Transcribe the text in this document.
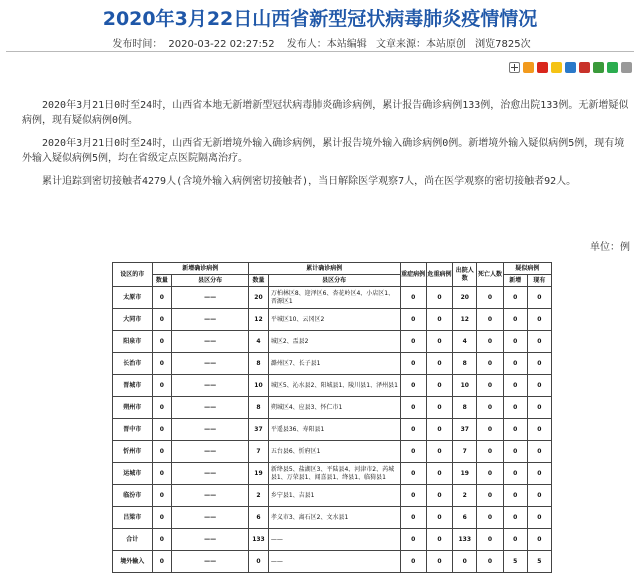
2020年3月22日山西省新型冠状病毒肺炎疫情情况
发布时间： 2020-03-22 02:27:52 发布人：本站编辑 文章来源：本站原创 浏览7825次

　　2020年3月21日0时至24时，山西省本地无新增新型冠状病毒肺炎确诊病例，累计报告确诊病例133例，治愈出院133例。无新增疑似病例，现有疑似病例0例。

　　2020年3月21日0时至24时，山西省无新增境外输入确诊病例，累计报告境外输入确诊病例0例。新增境外输入疑似病例5例，现有境外输入疑似病例5例，均在省级定点医院隔离治疗。

　　累计追踪到密切接触者4279人(含境外输入病例密切接触者)，当日解除医学观察7人，尚在医学观察的密切接触者92人。

单位：例
设区的市	新增确诊病例		累计确诊病例		重症病例	危重病例	出院人数	死亡人数	疑似病例	
	数量	县区分布	数量	县区分布					新增	现有
太原市	0	——	20	万柏林区8、迎泽区6、杏花岭区4、小店区1、晋源区1	0	0	20	0	0	0
大同市	0	——	12	平城区10、云冈区2	0	0	12	0	0	0
阳泉市	0	——	4	城区2、盂县2	0	0	4	0	0	0
长治市	0	——	8	潞州区7、长子县1	0	0	8	0	0	0
晋城市	0	——	10	城区5、沁水县2、阳城县1、陵川县1、泽州县1	0	0	10	0	0	0
朔州市	0	——	8	朔城区4、应县3、怀仁市1	0	0	8	0	0	0
晋中市	0	——	37	平遥县36、寿阳县1	0	0	37	0	0	0
忻州市	0	——	7	五台县6、忻府区1	0	0	7	0	0	0
运城市	0	——	19	新绛县5、盐湖区3、平陆县4、河津市2、芮城县1、万荣县1、闻喜县1、绛县1、临猗县1	0	0	19	0	0	0
临汾市	0	——	2	乡宁县1、吉县1	0	0	2	0	0	0
吕梁市	0	——	6	孝义市3、离石区2、文水县1	0	0	6	0	0	0
合计	0	——	133	——	0	0	133	0	0	0
境外输入	0	——	0	——	0	0	0	0	5	5
